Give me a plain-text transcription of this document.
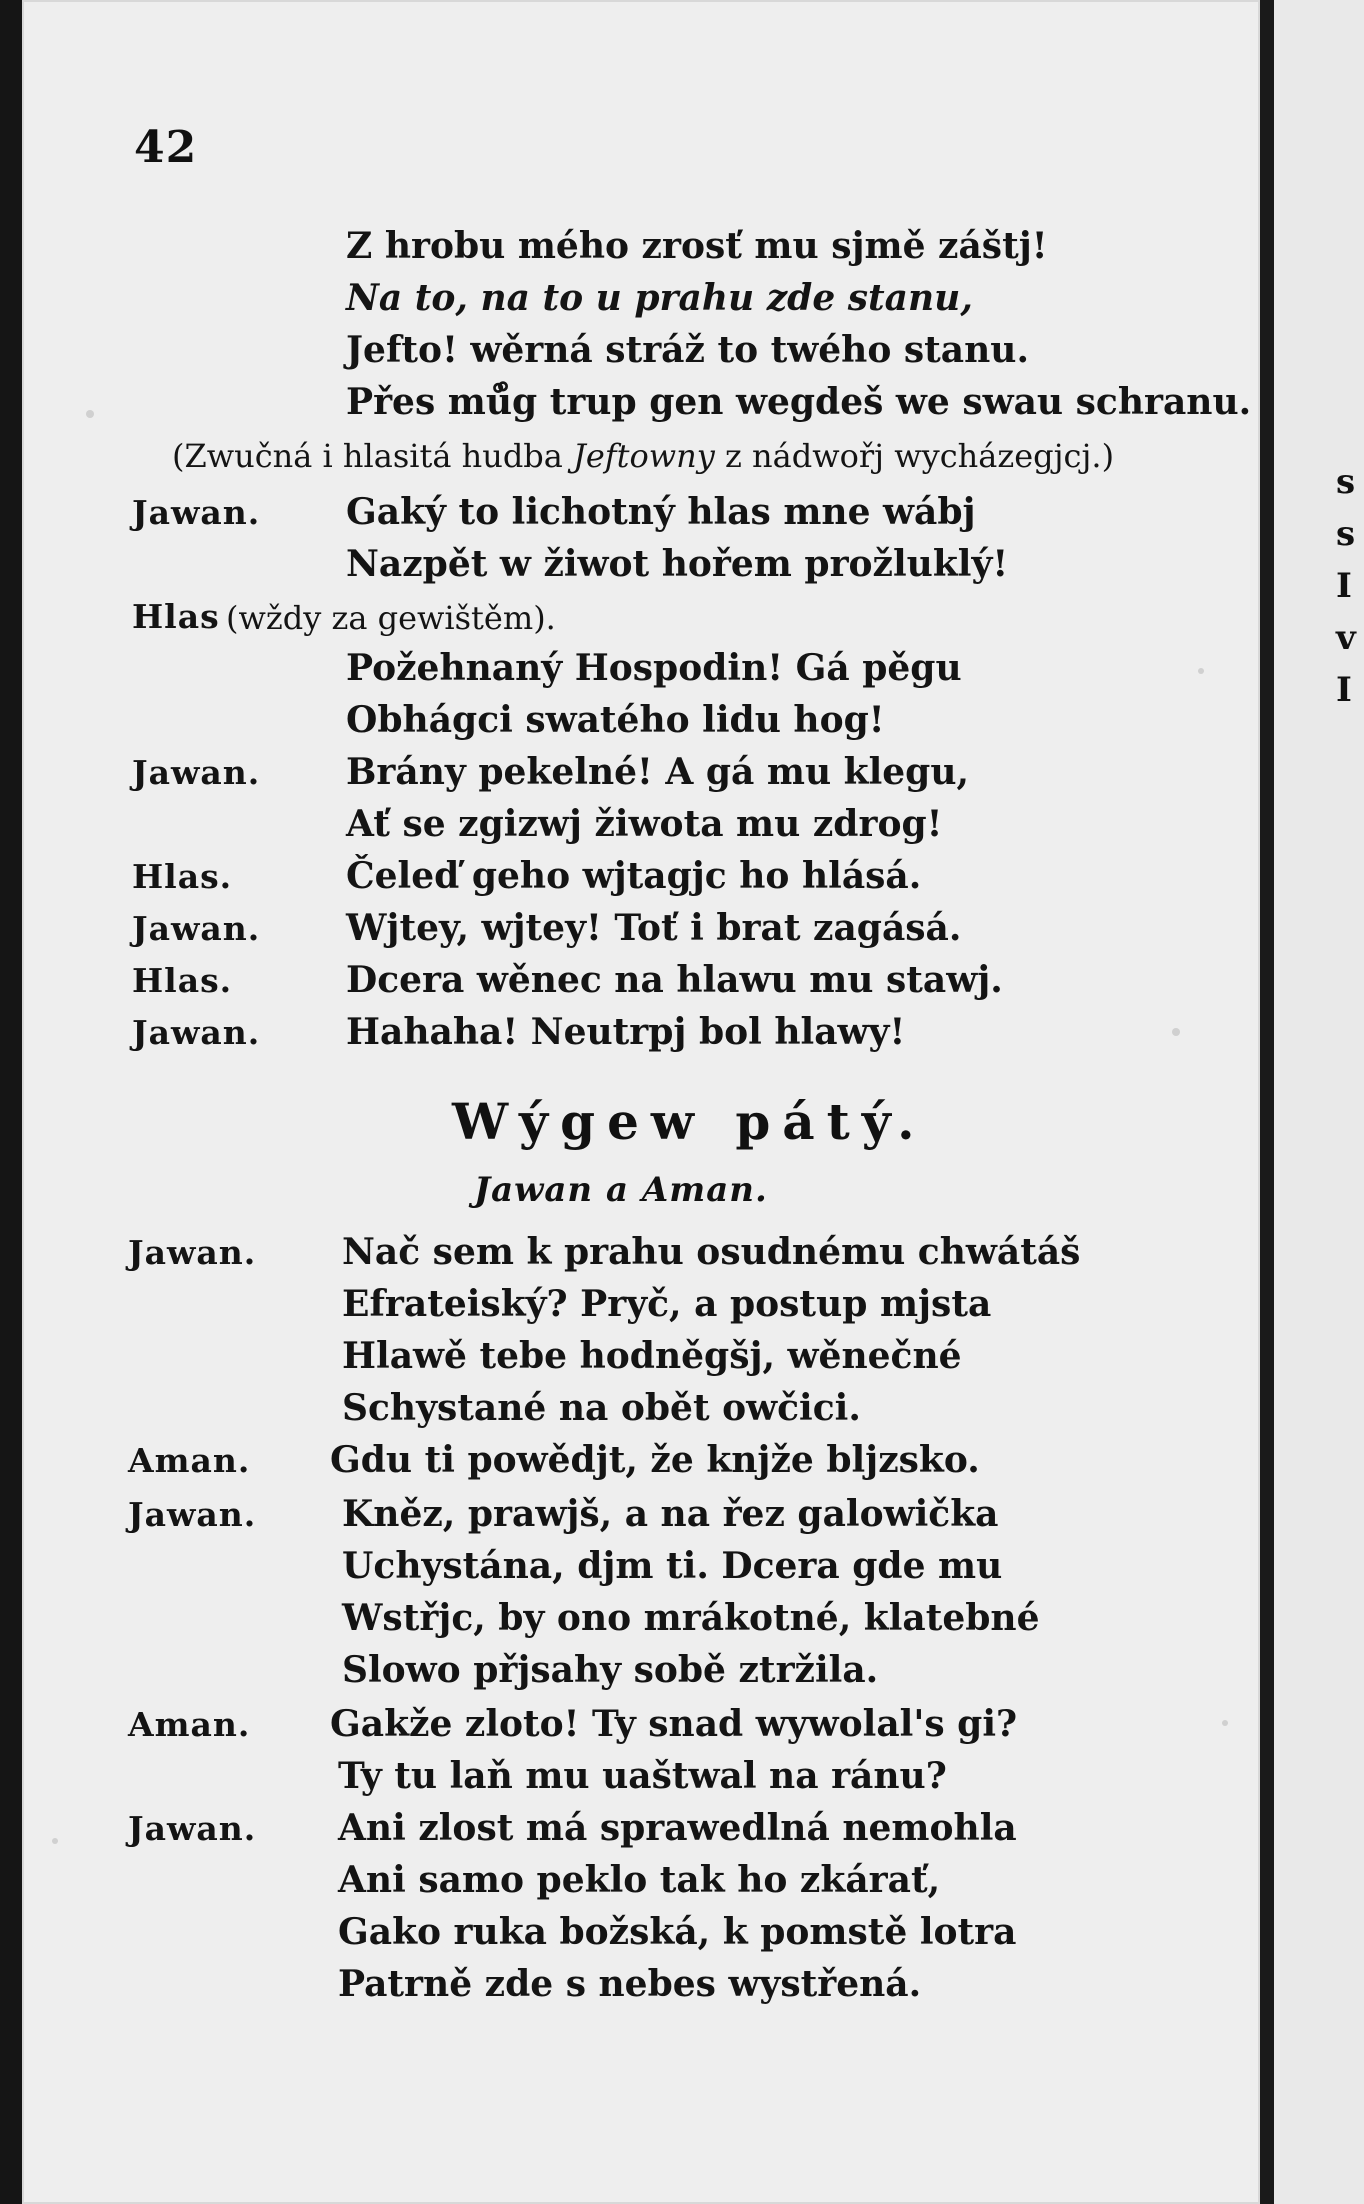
42
Z hrobu mého zrosť mu sjmě záštj!
Na to, na to u prahu zde stanu,
Jefto! wěrná stráž to twého stanu.
Přes mů̊g trup gen wegdeš we swau schranu.
(Zwučná i hlasitá hudba Jeftowny z nádwořj wycházegjcj.)
Jawan. Gaký to lichotný hlas mne wábj
Nazpět w žiwot hořem prožluklý!
Hlas (wždy za gewištěm).
Požehnaný Hospodin! Gá pěgu
Obhágci swatého lidu hog!
Jawan. Brány pekelné! A gá mu klegu,
Ať se zgizwj žiwota mu zdrog!
Hlas.	Čeleď geho wjtagjc ho hlásá.
Jawan. Wjtey, wjtey! Toť i brat zagásá.
Hlas.	Dcera wěnec na hlawu mu stawj.
Jawan. Hahaha! Neutrpj bol hlawy!
Wýgew pátý.
Jawan a Aman.
Jawan. Nač sem k prahu osudnému chwátáš
Efrateiský? Pryč, a postup mjsta
Hlawě tebe hodněgšj, wěnečné
Schystané na obět owčici.
Aman. Gdu ti powědjt, že knjže bljzsko.
Jawan. Kněz, prawjš, a na řez galowička
Uchystána, djm ti. Dcera gde mu
Wstřjc, by ono mrákotné, klatebné
Slowo přjsahy sobě ztržila.
Aman. Gakže zloto! Ty snad wywolal's gi?
Ty tu laň mu uaštwal na ránu?
Jawan. Ani zlost má sprawedlná nemohla
Ani samo peklo tak ho zkárať,
Gako ruka božská, k pomstě lotra
Patrně zde s nebes wystřená.
s
s
I
v
I
